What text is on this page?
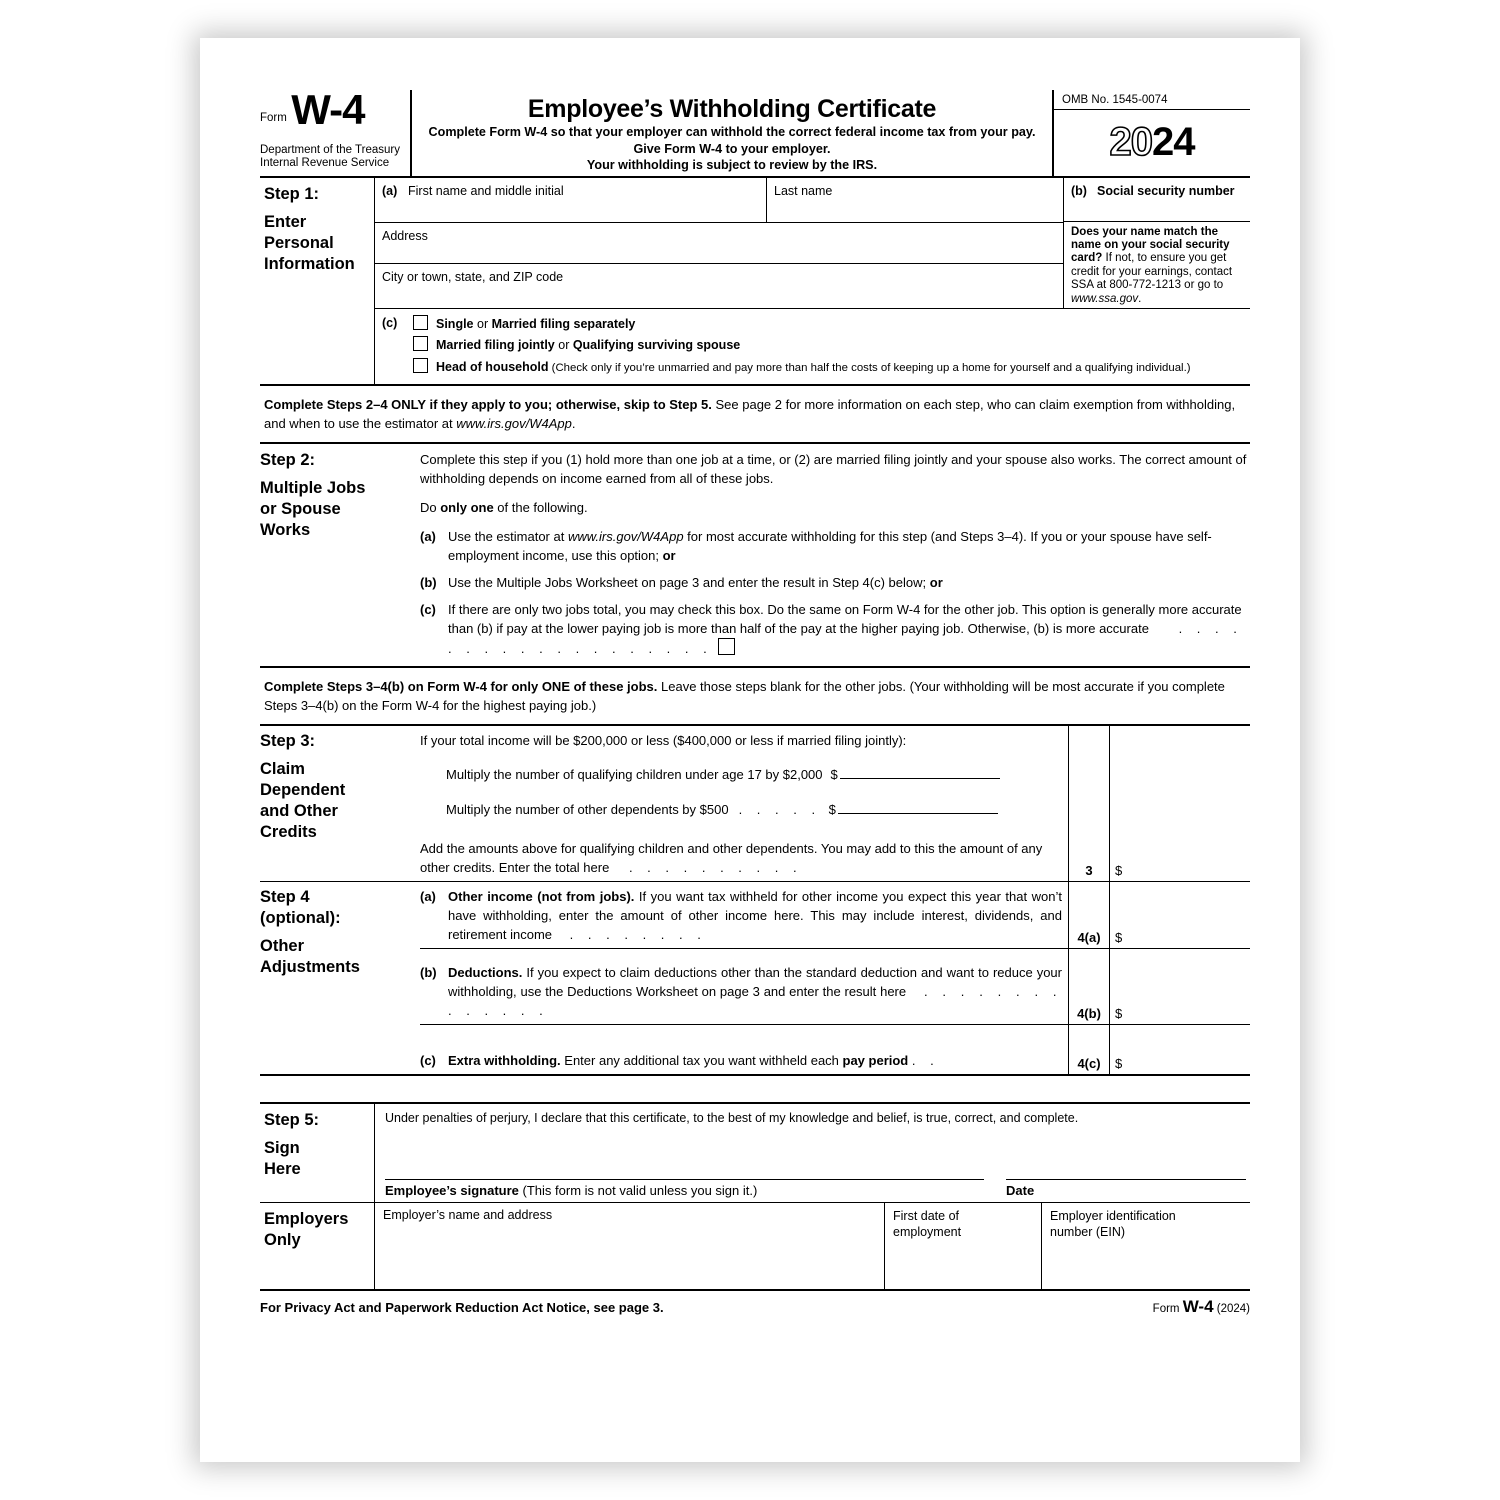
Form W-4
Department of the Treasury
Internal Revenue Service
Employee’s Withholding Certificate
Complete Form W-4 so that your employer can withhold the correct federal income tax from your pay.
Give Form W-4 to your employer.
Your withholding is subject to review by the IRS.
OMB No. 1545-0074
2024
Step 1:
Enter
Personal
Information
(a) First name and middle initial	Last name
Address
City or town, state, and ZIP code
(b) Social security number
Does your name match the name on your social security card? If not, to ensure you get credit for your earnings, contact SSA at 800-772-1213 or go to www.ssa.gov.
(c)	Single or Married filing separately
Married filing jointly or Qualifying surviving spouse
Head of household (Check only if you’re unmarried and pay more than half the costs of keeping up a home for yourself and a qualifying individual.)
Complete Steps 2–4 ONLY if they apply to you; otherwise, skip to Step 5. See page 2 for more information on each step, who can claim exemption from withholding, and when to use the estimator at www.irs.gov/W4App.
Step 2:
Multiple Jobs
or Spouse
Works
Complete this step if you (1) hold more than one job at a time, or (2) are married filing jointly and your spouse also works. The correct amount of withholding depends on income earned from all of these jobs.
Do only one of the following.
(a) Use the estimator at www.irs.gov/W4App for most accurate withholding for this step (and Steps 3–4). If you or your spouse have self-employment income, use this option; or
(b) Use the Multiple Jobs Worksheet on page 3 and enter the result in Step 4(c) below; or
(c) If there are only two jobs total, you may check this box. Do the same on Form W-4 for the other job. This option is generally more accurate than (b) if pay at the lower paying job is more than half of the pay at the higher paying job. Otherwise, (b) is more accurate . . . . . . . . . . . . . . . . . . .
Complete Steps 3–4(b) on Form W-4 for only ONE of these jobs. Leave those steps blank for the other jobs. (Your withholding will be most accurate if you complete Steps 3–4(b) on the Form W-4 for the highest paying job.)
Step 3:
Claim
Dependent
and Other
Credits
If your total income will be $200,000 or less ($400,000 or less if married filing jointly):
Multiply the number of qualifying children under age 17 by $2,000 $
Multiply the number of other dependents by $500 . . . . . $
Add the amounts above for qualifying children and other dependents. You may add to this the amount of any other credits. Enter the total here . . . . . . . . . .	3	$
Step 4
(optional):
Other
Adjustments
(a) Other income (not from jobs). If you want tax withheld for other income you expect this year that won’t have withholding, enter the amount of other income here. This may include interest, dividends, and retirement income . . . . . . . .	4(a)	$
(b) Deductions. If you expect to claim deductions other than the standard deduction and want to reduce your withholding, use the Deductions Worksheet on page 3 and enter the result here . . . . . . . . . . . . . .	4(b)	$
(c) Extra withholding. Enter any additional tax you want withheld each pay period . .	4(c)	$
Step 5:
Sign
Here
Under penalties of perjury, I declare that this certificate, to the best of my knowledge and belief, is true, correct, and complete.
Employee’s signature (This form is not valid unless you sign it.)	Date
Employers
Only
Employer’s name and address	First date of
employment
Employer identification
number (EIN)
For Privacy Act and Paperwork Reduction Act Notice, see page 3.	Form W-4 (2024)
